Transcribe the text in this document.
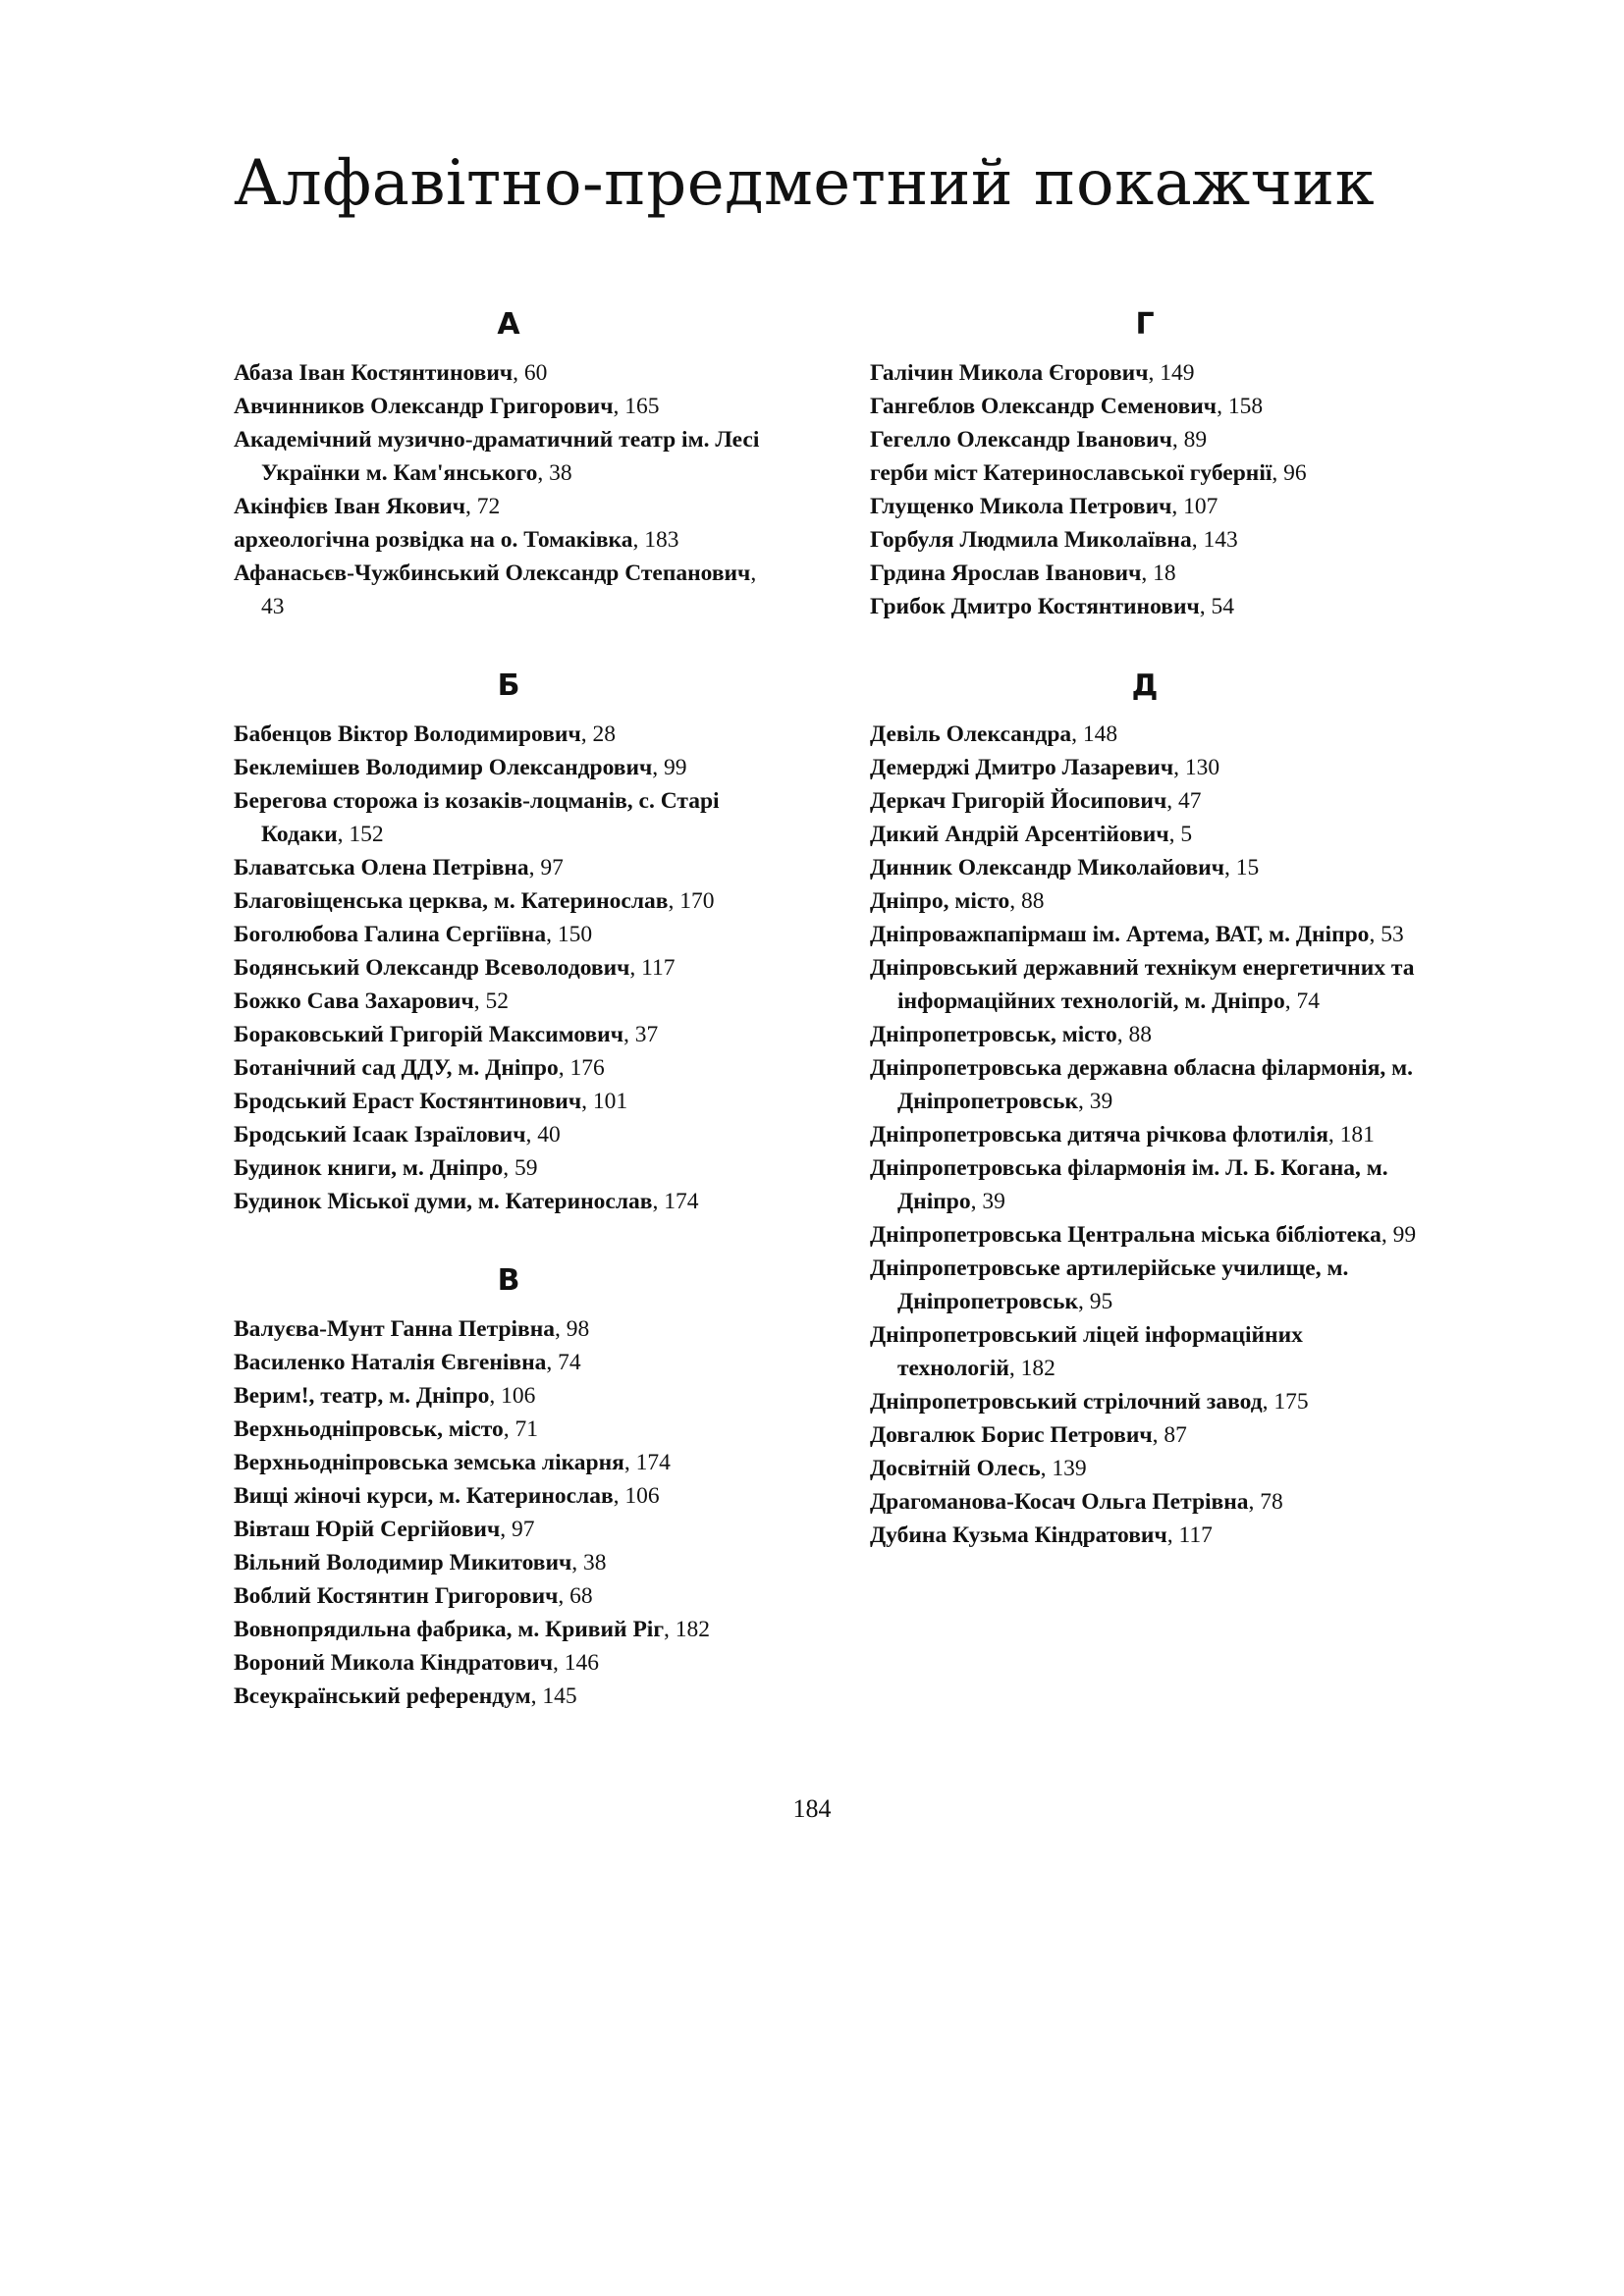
Алфавітно-предметний покажчик
А
Абаза Іван Костянтинович, 60
Авчинников Олександр Григорович, 165
Академічний музично-драматичний театр ім. Лесі Українки м. Кам'янського, 38
Акінфієв Іван Якович, 72
археологічна розвідка на о. Томаківка, 183
Афанасьєв-Чужбинський Олександр Степанович, 43
Б
Бабенцов Віктор Володимирович, 28
Беклемішев Володимир Олександрович, 99
Берегова сторожа із козаків-лоцманів, с. Старі Кодаки, 152
Блаватська Олена Петрівна, 97
Благовіщенська церква, м. Катеринослав, 170
Боголюбова Галина Сергіївна, 150
Бодянський Олександр Всеволодович, 117
Божко Сава Захарович, 52
Бораковський Григорій Максимович, 37
Ботанічний сад ДДУ, м. Дніпро, 176
Бродський Ераст Костянтинович, 101
Бродський Ісаак Ізраїлович, 40
Будинок книги, м. Дніпро, 59
Будинок Міської думи, м. Катеринослав, 174
В
Валуєва-Мунт Ганна Петрівна, 98
Василенко Наталія Євгенівна, 74
Верим!, театр, м. Дніпро, 106
Верхньодніпровськ, місто, 71
Верхньодніпровська земська лікарня, 174
Вищі жіночі курси, м. Катеринослав, 106
Вівташ Юрій Сергійович, 97
Вільний Володимир Микитович, 38
Воблий Костянтин Григорович, 68
Вовнопрядильна фабрика, м. Кривий Ріг, 182
Вороний Микола Кіндратович, 146
Всеукраїнський референдум, 145
Г
Галічин Микола Єгорович, 149
Гангеблов Олександр Семенович, 158
Гегелло Олександр Іванович, 89
герби міст Катеринославської губернії, 96
Глущенко Микола Петрович, 107
Горбуля Людмила Миколаївна, 143
Грдина Ярослав Іванович, 18
Грибок Дмитро Костянтинович, 54
Д
Девіль Олександра, 148
Демерджі Дмитро Лазаревич, 130
Деркач Григорій Йосипович, 47
Дикий Андрій Арсентійович, 5
Динник Олександр Миколайович, 15
Дніпро, місто, 88
Дніпроважпапірмаш ім. Артема, ВАТ, м. Дніпро, 53
Дніпровський державний технікум енергетичних та інформаційних технологій, м. Дніпро, 74
Дніпропетровськ, місто, 88
Дніпропетровська державна обласна філармонія, м. Дніпропетровськ, 39
Дніпропетровська дитяча річкова флотилія, 181
Дніпропетровська філармонія ім. Л. Б. Когана, м. Дніпро, 39
Дніпропетровська Центральна міська бібліотека, 99
Дніпропетровське артилерійське училище, м. Дніпропетровськ, 95
Дніпропетровський ліцей інформаційних технологій, 182
Дніпропетровський стрілочний завод, 175
Довгалюк Борис Петрович, 87
Досвітній Олесь, 139
Драгоманова-Косач Ольга Петрівна, 78
Дубина Кузьма Кіндратович, 117
184
